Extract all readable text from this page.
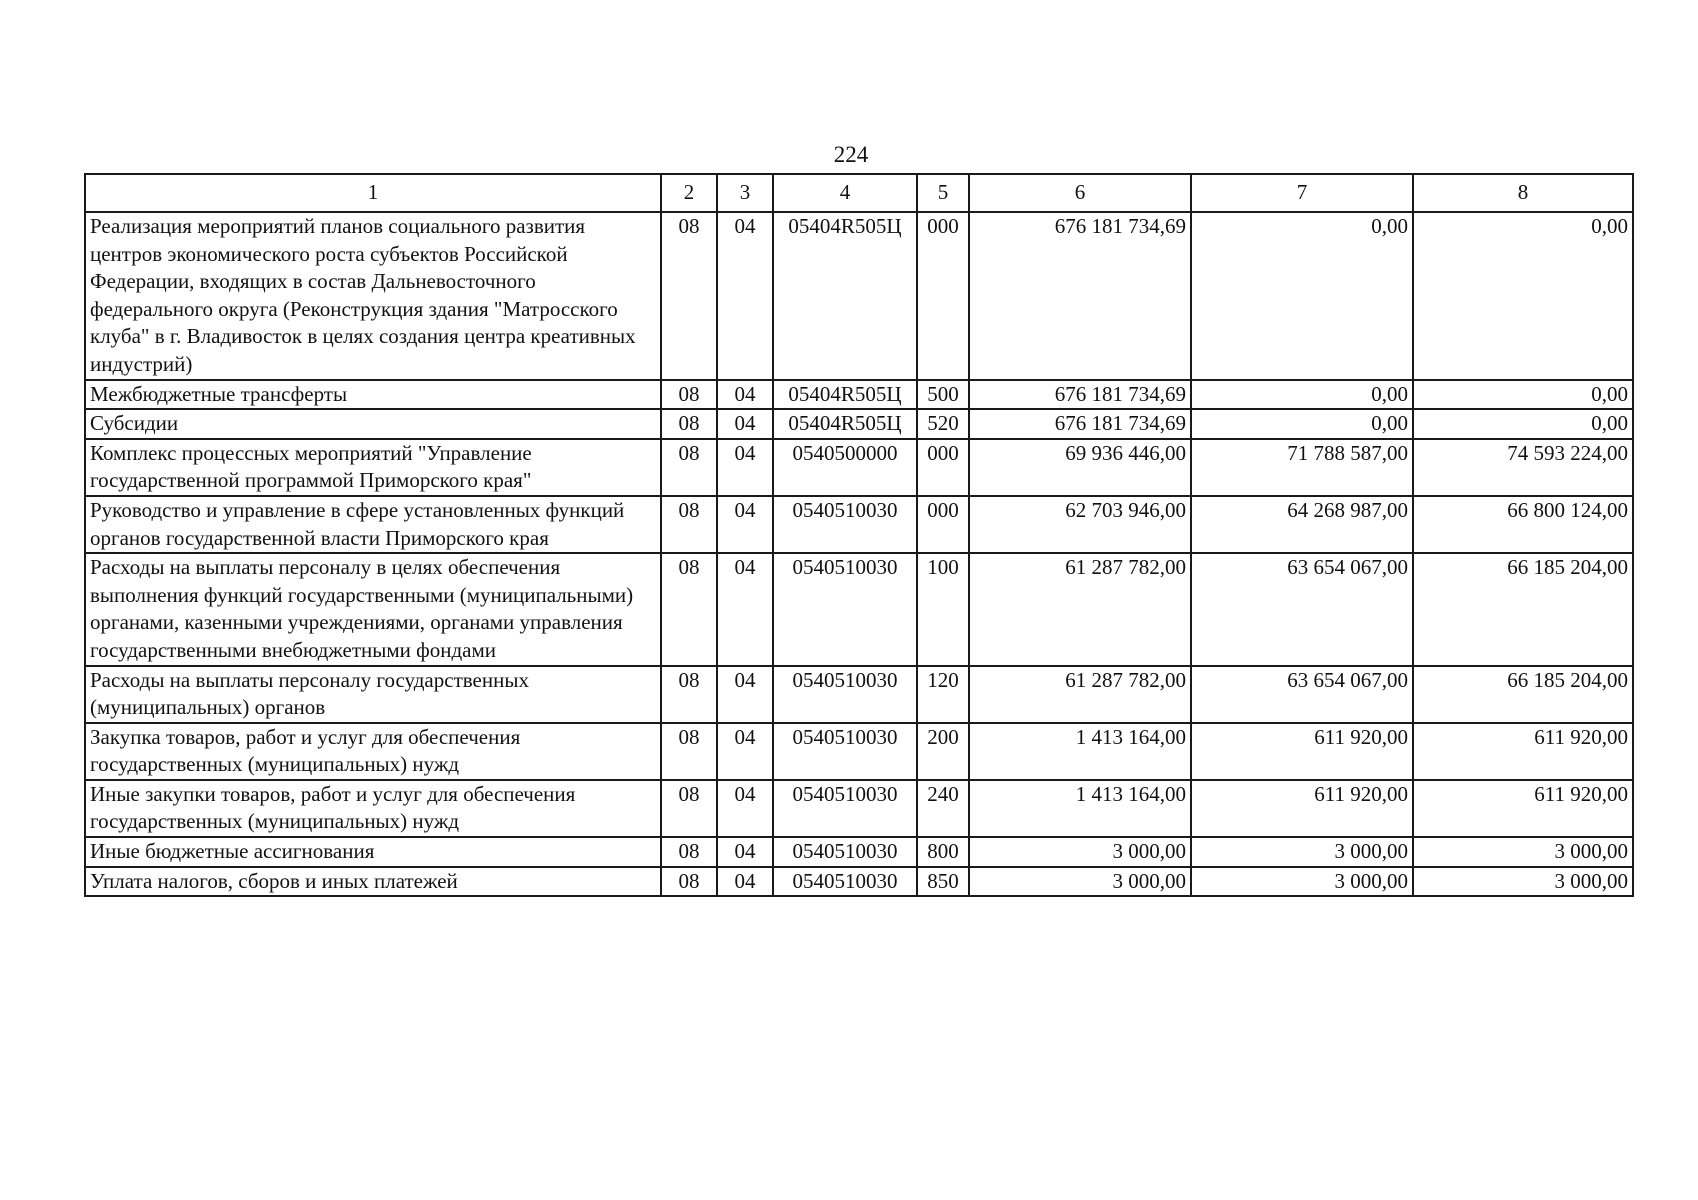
224
1	2	3	4	5	6	7	8
Реализация мероприятий планов социального развития центров экономического роста субъектов Российской Федерации, входящих в состав Дальневосточного федерального округа (Реконструкция здания "Матросского клуба" в г. Владивосток в целях создания центра креативных индустрий)	08	04	05404R505Ц	000	676 181 734,69	0,00	0,00
Межбюджетные трансферты	08	04	05404R505Ц	500	676 181 734,69	0,00	0,00
Субсидии	08	04	05404R505Ц	520	676 181 734,69	0,00	0,00
Комплекс процессных мероприятий "Управление государственной программой Приморского края"	08	04	0540500000	000	69 936 446,00	71 788 587,00	74 593 224,00
Руководство и управление в сфере установленных функций органов государственной власти Приморского края	08	04	0540510030	000	62 703 946,00	64 268 987,00	66 800 124,00
Расходы на выплаты персоналу в целях обеспечения выполнения функций государственными (муниципальными) органами, казенными учреждениями, органами управления государственными внебюджетными фондами	08	04	0540510030	100	61 287 782,00	63 654 067,00	66 185 204,00
Расходы на выплаты персоналу государственных (муниципальных) органов	08	04	0540510030	120	61 287 782,00	63 654 067,00	66 185 204,00
Закупка товаров, работ и услуг для обеспечения государственных (муниципальных) нужд	08	04	0540510030	200	1 413 164,00	611 920,00	611 920,00
Иные закупки товаров, работ и услуг для обеспечения государственных (муниципальных) нужд	08	04	0540510030	240	1 413 164,00	611 920,00	611 920,00
Иные бюджетные ассигнования	08	04	0540510030	800	3 000,00	3 000,00	3 000,00
Уплата налогов, сборов и иных платежей	08	04	0540510030	850	3 000,00	3 000,00	3 000,00
